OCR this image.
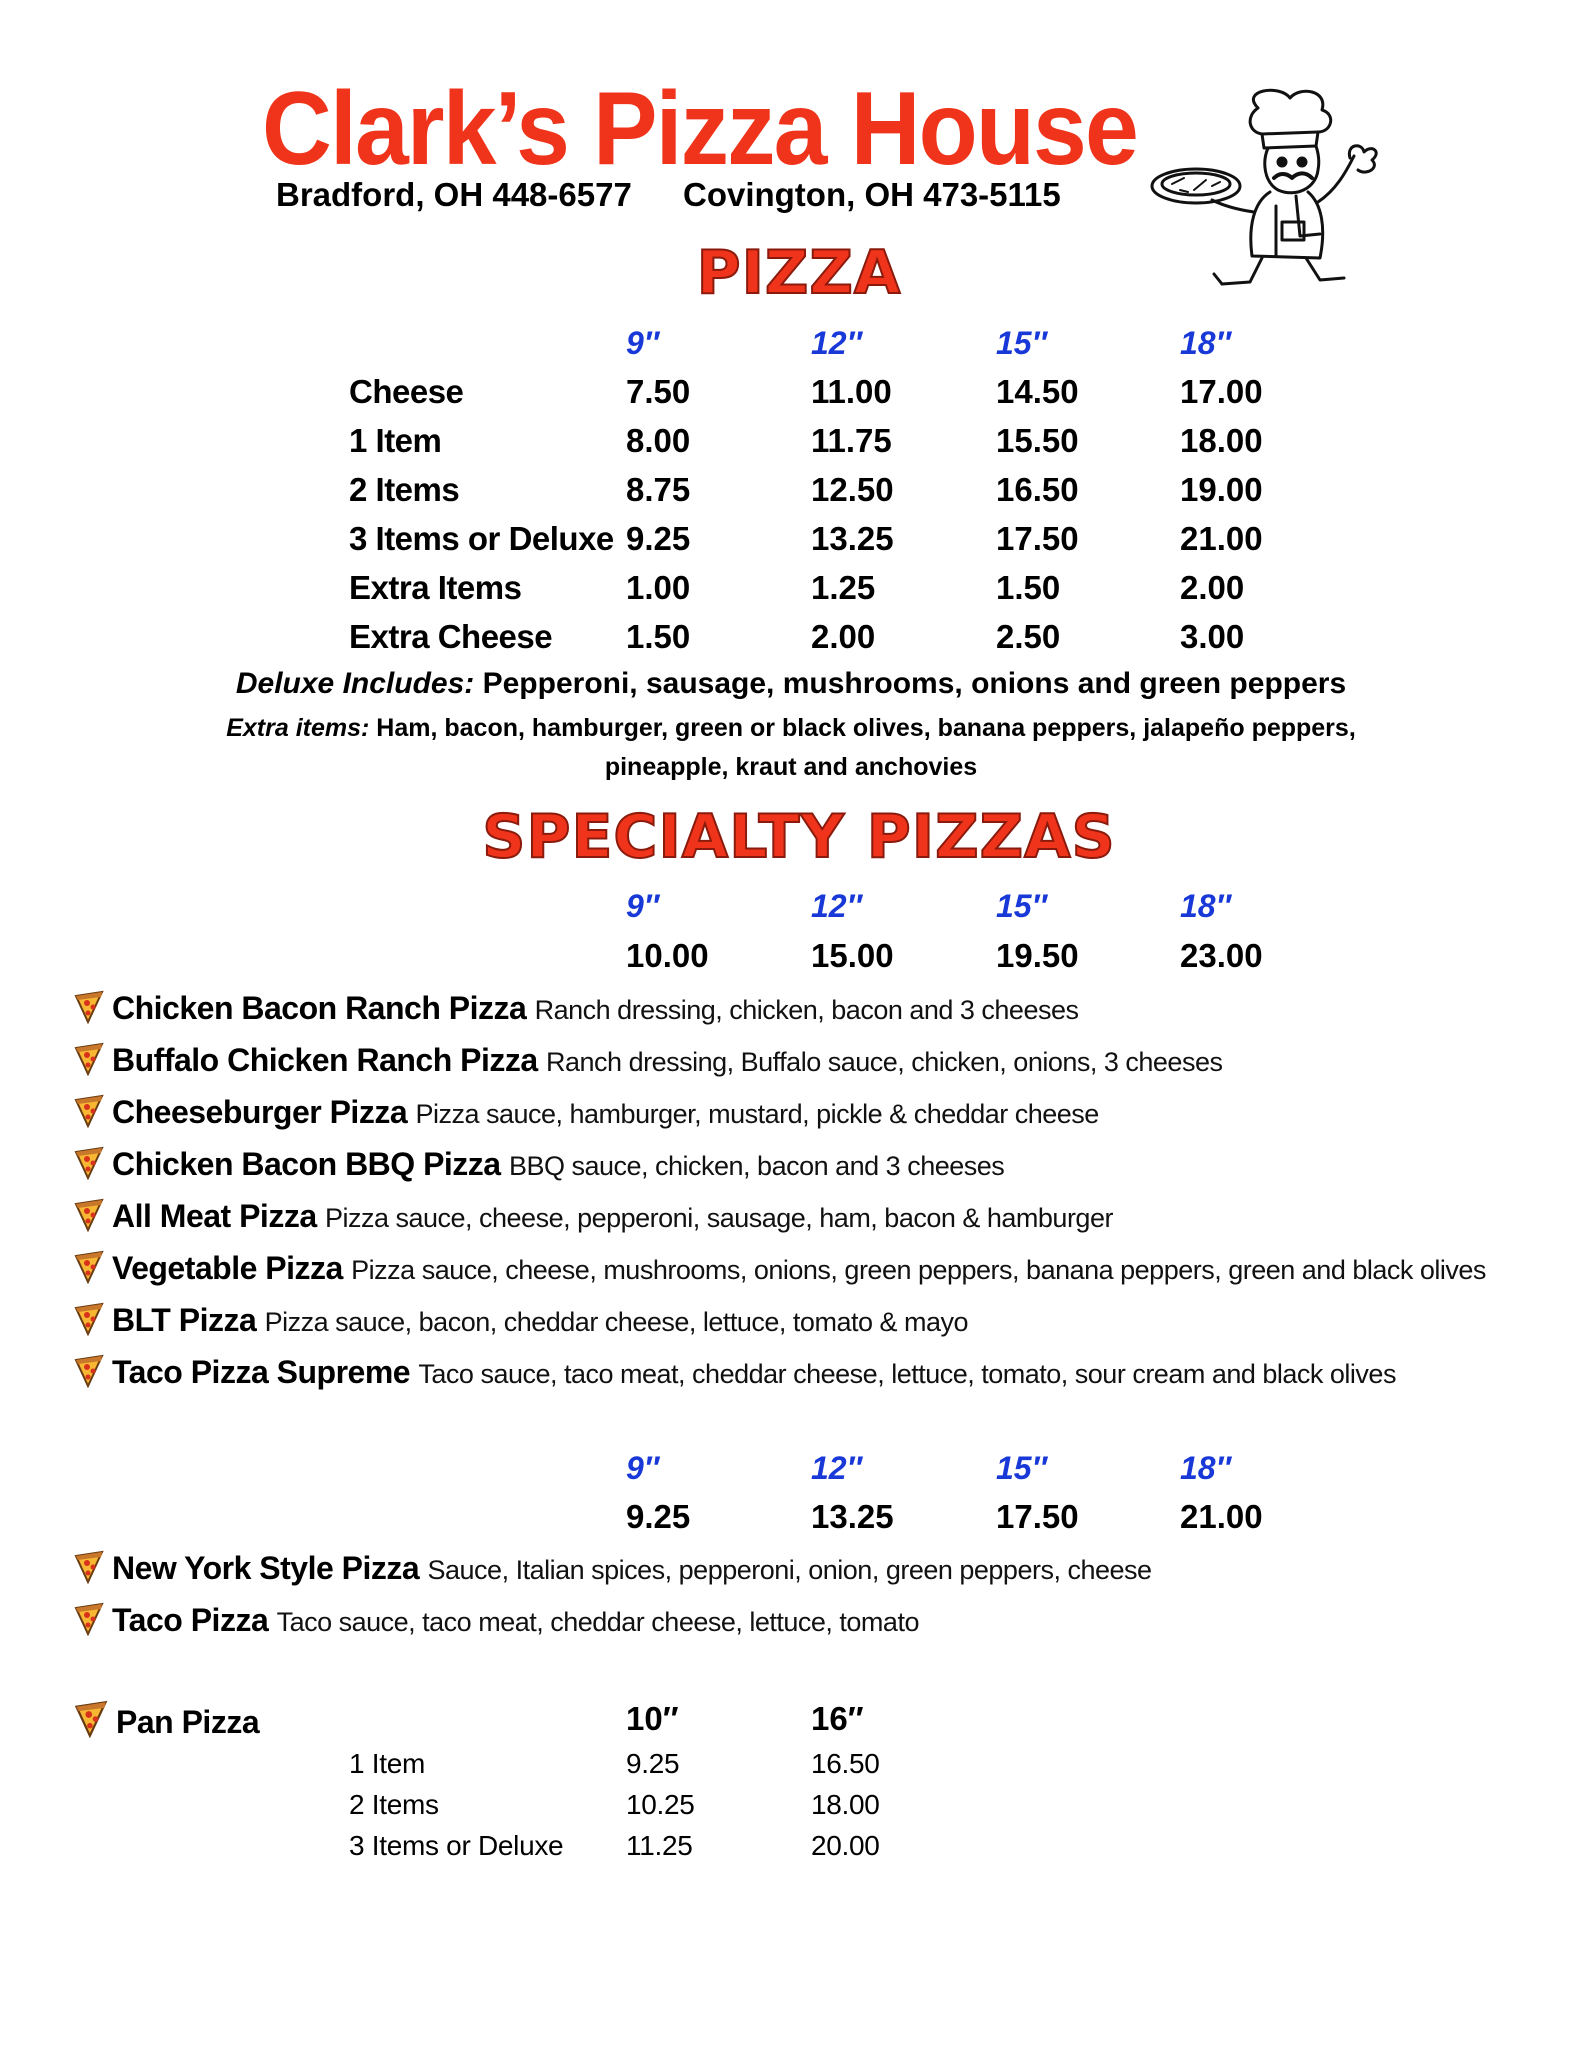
Clark’s Pizza House
Bradford, OH 448-6577 Covington, OH 473-5115
PIZZA
9″	12″	15″	18″
Cheese	7.50	11.00	14.50	17.00
1 Item	8.00	11.75	15.50	18.00
2 Items	8.75	12.50	16.50	19.00
3 Items or Deluxe 9.25	13.25	17.50	21.00
Extra Items	1.00	1.25	1.50	2.00
Extra Cheese 1.50	2.00	2.50	3.00
Deluxe Includes: Pepperoni, sausage, mushrooms, onions and green peppers
Extra items: Ham, bacon, hamburger, green or black olives, banana peppers, jalapeño peppers,
pineapple, kraut and anchovies
SPECIALTY PIZZAS
9″	12″	15″	18″
10.00	15.00	19.50	23.00
Chicken Bacon Ranch Pizza Ranch dressing, chicken, bacon and 3 cheeses
Buffalo Chicken Ranch Pizza Ranch dressing, Buffalo sauce, chicken, onions, 3 cheeses
Cheeseburger Pizza Pizza sauce, hamburger, mustard, pickle & cheddar cheese
Chicken Bacon BBQ Pizza BBQ sauce, chicken, bacon and 3 cheeses
All Meat Pizza Pizza sauce, cheese, pepperoni, sausage, ham, bacon & hamburger
Vegetable Pizza Pizza sauce, cheese, mushrooms, onions, green peppers, banana peppers, green and black olives
BLT Pizza Pizza sauce, bacon, cheddar cheese, lettuce, tomato & mayo
Taco Pizza Supreme Taco sauce, taco meat, cheddar cheese, lettuce, tomato, sour cream and black olives
9″	12″	15″	18″
9.25	13.25	17.50	21.00
New York Style Pizza Sauce, Italian spices, pepperoni, onion, green peppers, cheese
Taco Pizza Taco sauce, taco meat, cheddar cheese, lettuce, tomato
Pan Pizza	10″	16″
1 Item	9.25	16.50
2 Items	10.25	18.00
3 Items or Deluxe 11.25	20.00
